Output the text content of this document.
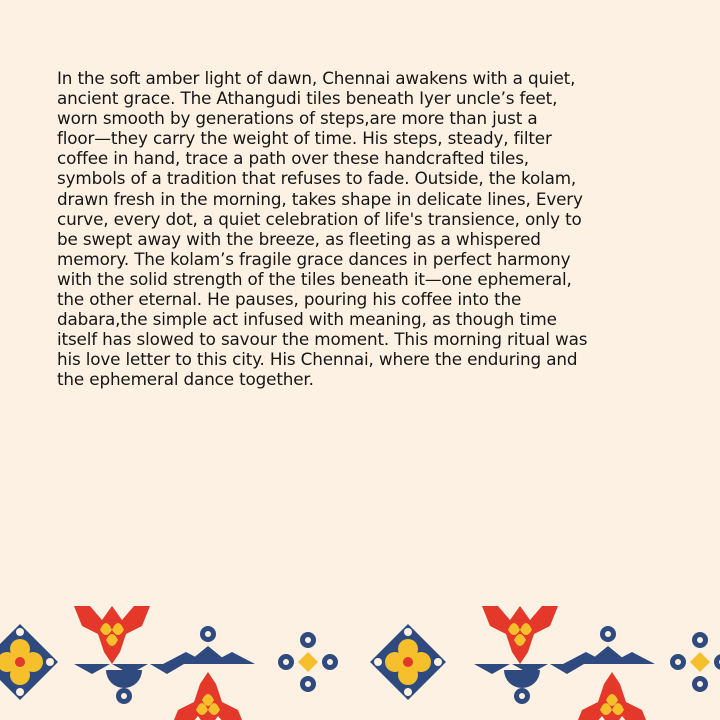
In the soft amber light of dawn, Chennai awakens with a quiet,
ancient grace. The Athangudi tiles beneath Iyer uncle’s feet,
worn smooth by generations of steps,are more than just a
floor—they carry the weight of time. His steps, steady, filter
coffee in hand, trace a path over these handcrafted tiles,
symbols of a tradition that refuses to fade. Outside, the kolam,
drawn fresh in the morning, takes shape in delicate lines, Every
curve, every dot, a quiet celebration of life's transience, only to
be swept away with the breeze, as fleeting as a whispered
memory. The kolam’s fragile grace dances in perfect harmony
with the solid strength of the tiles beneath it—one ephemeral,
the other eternal. He pauses, pouring his coffee into the
dabara,the simple act infused with meaning, as though time
itself has slowed to savour the moment. This morning ritual was
his love letter to this city. His Chennai, where the enduring and
the ephemeral dance together.
